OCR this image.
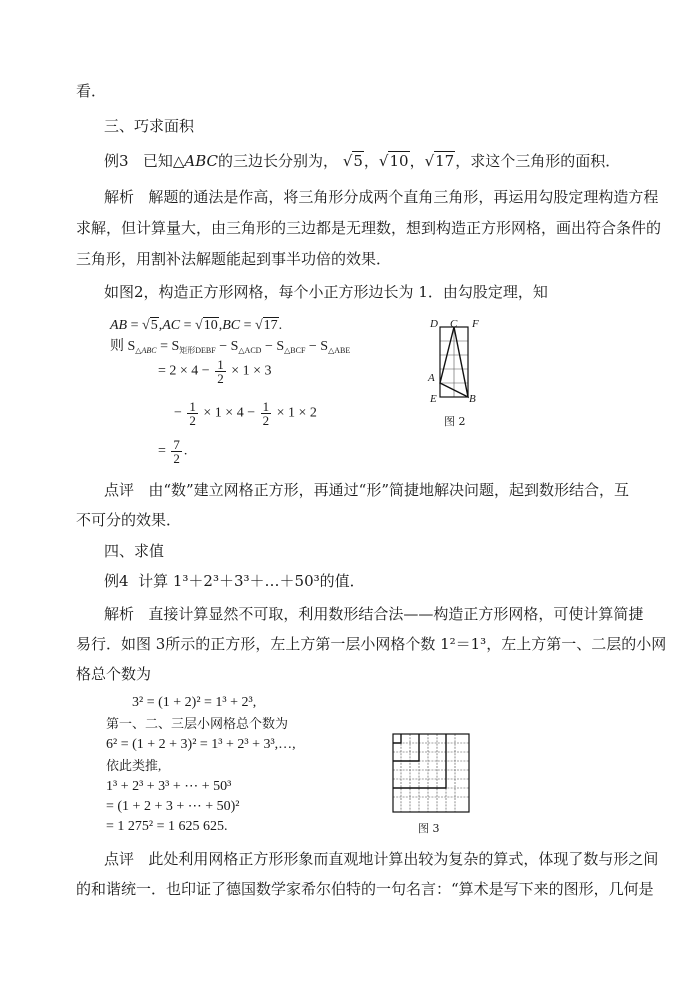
看．
三、巧求面积
例3 已知△ABC的三边长分别为， √5，√10，√17，求这个三角形的面积．
解析 解题的通法是作高，将三角形分成两个直角三角形，再运用勾股定理构造方程
求解，但计算量大，由三角形的三边都是无理数，想到构造正方形网格，画出符合条件的
三角形，用割补法解题能起到事半功倍的效果．
如图2，构造正方形网格，每个小正方形边长为 1．由勾股定理，知
AB = √5,AC = √10,BC = √17.
则 $S_{\triangle ABC} = S_{矩形DEBF} - S_{\triangle ACD} - S_{\triangle BCF} - S_{\triangle ABE}$
= $2 \times 4 - \frac{1}{2} \times 1 \times 3$
− $\frac{1}{2} \times 1 \times 4 - \frac{1}{2} \times 1 \times 2$
= $\frac{7}{2}$ .
D C F
A
E	B
图 2
点评 由“数”建立网格正方形，再通过“形”简捷地解决问题，起到数形结合，互
不可分的效果．
四、求值
例4 计算 1³＋2³＋3³＋…＋50³的值．
解析 直接计算显然不可取，利用数形结合法——构造正方形网格，可使计算简捷
易行．如图 3所示的正方形，左上方第一层小网格个数 1²＝1³，左上方第一、二层的小网
格总个数为
3² = (1 + 2)² = 1³ + 2³,
第一、二、三层小网格总个数为
6² = (1 + 2 + 3)² = 1³ + 2³ + 3³,…,
依此类推,
1³ + 2³ + 3³ + ⋯ + 50³
= (1 + 2 + 3 + ⋯ + 50)²
= 1 275² = 1 625 625.	图 3
点评 此处利用网格正方形形象而直观地计算出较为复杂的算式，体现了数与形之间
的和谐统一．也印证了德国数学家希尔伯特的一句名言：“算术是写下来的图形，几何是
